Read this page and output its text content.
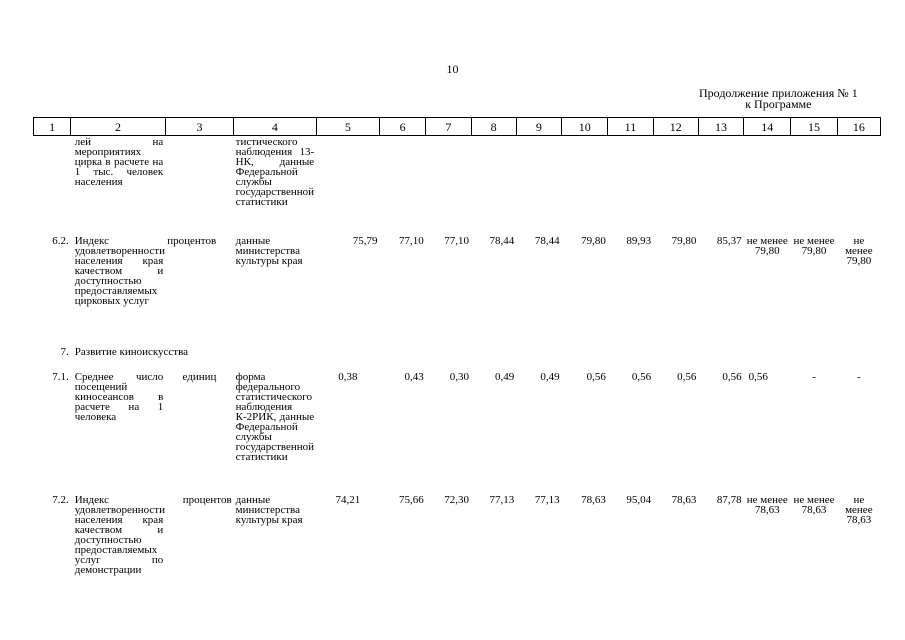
10
Продолжение приложения № 1
к Программе
1	2	3	4	5	6	7	8	9	10	11	12	13	14	15	16
	лей на мероприятиях цирка в расчете на 1 тыс. человек населения		тистического наблюдения 13-НК, данные Федеральной службы государственной статистики												
6.2.	Индекс удовлетворенности населения края качеством и доступностью предоставляемых цирковых услуг	процентов	данные министерства культуры края	75,79	77,10	77,10	78,44	78,44	79,80	89,93	79,80	85,37	не менее 79,80	не менее 79,80	не менее 79,80
7.	Развитие киноискусства														
7.1.	Среднее число посещений киносеансов в расчете на 1 человека	единиц	форма федерального статистического наблюдения К-2РИК, данные Федеральной службы государственной статистики	0,38	0,43	0,30	0,49	0,49	0,56	0,56	0,56	0,56	0,56	-	-
7.2.	Индекс удовлетворенности населения края качеством и доступностью предоставляемых услуг по демонстрации	процентов	данные министерства культуры края	74,21	75,66	72,30	77,13	77,13	78,63	95,04	78,63	87,78	не менее 78,63	не менее 78,63	не менее 78,63
